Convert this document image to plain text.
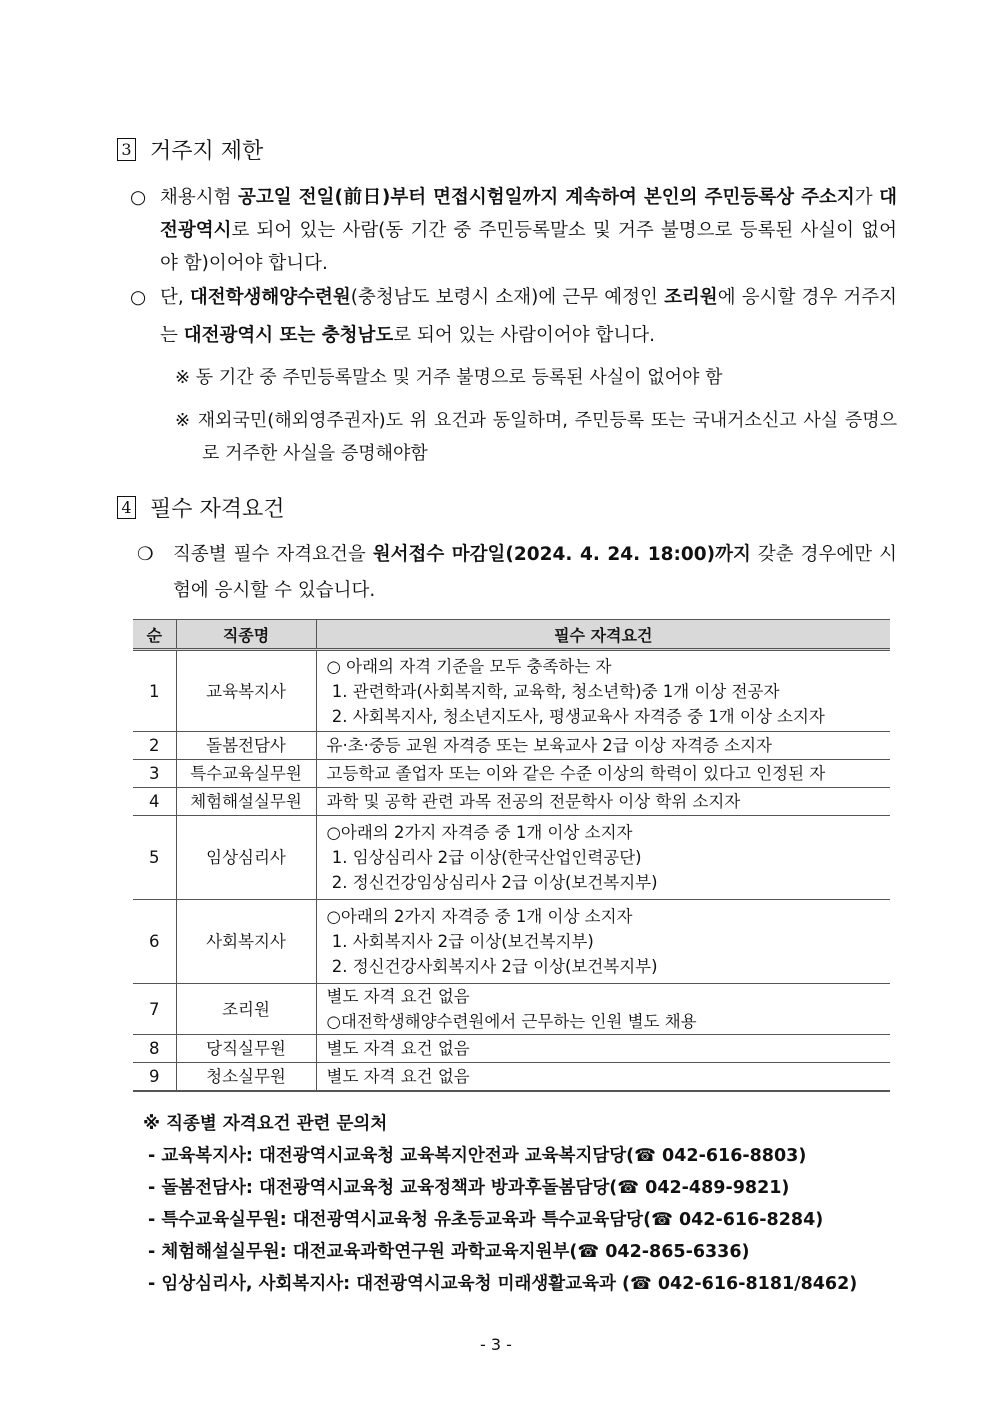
3 거주지 제한
○ 채용시험 공고일 전일(前日)부터 면접시험일까지 계속하여 본인의 주민등록상 주소지가 대전광역시로 되어 있는 사람(동 기간 중 주민등록말소 및 거주 불명으로 등록된 사실이 없어야 함)이어야 합니다.
○ 단, 대전학생해양수련원(충청남도 보령시 소재)에 근무 예정인 조리원에 응시할 경우 거주지는 대전광역시 또는 충청남도로 되어 있는 사람이어야 합니다.
※ 동 기간 중 주민등록말소 및 거주 불명으로 등록된 사실이 없어야 함
※ 재외국민(해외영주권자)도 위 요건과 동일하며, 주민등록 또는 국내거소신고 사실 증명으로 거주한 사실을 증명해야함
4 필수 자격요건
❍ 직종별 필수 자격요건을 원서접수 마감일(2024. 4. 24. 18:00)까지 갖춘 경우에만 시험에 응시할 수 있습니다.
순	직종명	필수 자격요건
1	교육복지사	○ 아래의 자격 기준을 모두 충족하는 자
1. 관련학과(사회복지학, 교육학, 청소년학)중 1개 이상 전공자
2. 사회복지사, 청소년지도사, 평생교육사 자격증 중 1개 이상 소지자

2	돌봄전담사	유·초·중등 교원 자격증 또는 보육교사 2급 이상 자격증 소지자

3	특수교육실무원	고등학교 졸업자 또는 이와 같은 수준 이상의 학력이 있다고 인정된 자

4	체험해설실무원	과학 및 공학 관련 과목 전공의 전문학사 이상 학위 소지자

5	임상심리사	○아래의 2가지 자격증 중 1개 이상 소지자
1. 임상심리사 2급 이상(한국산업인력공단)
2. 정신건강임상심리사 2급 이상(보건복지부)

6	사회복지사	○아래의 2가지 자격증 중 1개 이상 소지자
1. 사회복지사 2급 이상(보건복지부)
2. 정신건강사회복지사 2급 이상(보건복지부)

7	조리원	별도 자격 요건 없음
○대전학생해양수련원에서 근무하는 인원 별도 채용

8	당직실무원	별도 자격 요건 없음

9	청소실무원	별도 자격 요건 없음
※ 직종별 자격요건 관련 문의처
- 교육복지사: 대전광역시교육청 교육복지안전과 교육복지담당(☎ 042-616-8803)
- 돌봄전담사: 대전광역시교육청 교육정책과 방과후돌봄담당(☎ 042-489-9821)
- 특수교육실무원: 대전광역시교육청 유초등교육과 특수교육담당(☎ 042-616-8284)
- 체험해설실무원: 대전교육과학연구원 과학교육지원부(☎ 042-865-6336)
- 임상심리사, 사회복지사: 대전광역시교육청 미래생활교육과 (☎ 042-616-8181/8462)
- 3 -
